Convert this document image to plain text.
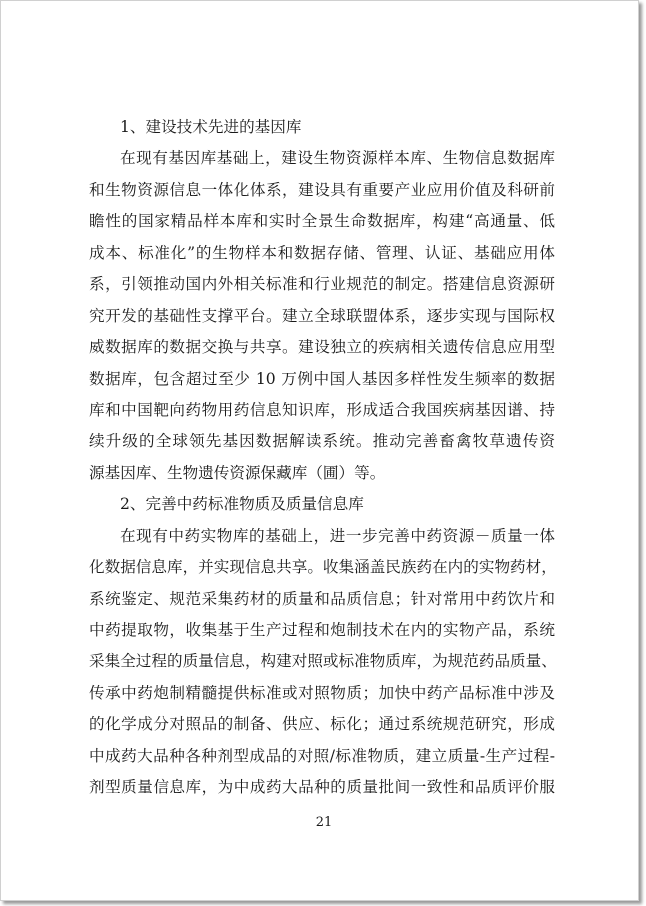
1、建设技术先进的基因库
在现有基因库基础上，建设生物资源样本库、生物信息数据库
和生物资源信息一体化体系，建设具有重要产业应用价值及科研前
瞻性的国家精品样本库和实时全景生命数据库，构建“高通量、低
成本、标准化”的生物样本和数据存储、管理、认证、基础应用体
系，引领推动国内外相关标准和行业规范的制定。搭建信息资源研
究开发的基础性支撑平台。建立全球联盟体系，逐步实现与国际权
威数据库的数据交换与共享。建设独立的疾病相关遗传信息应用型
数据库，包含超过至少 10 万例中国人基因多样性发生频率的数据
库和中国靶向药物用药信息知识库，形成适合我国疾病基因谱、持
续升级的全球领先基因数据解读系统。推动完善畜禽牧草遗传资
源基因库、生物遗传资源保藏库（圃）等。
2、完善中药标准物质及质量信息库
在现有中药实物库的基础上，进一步完善中药资源－质量一体
化数据信息库，并实现信息共享。收集涵盖民族药在内的实物药材，
系统鉴定、规范采集药材的质量和品质信息；针对常用中药饮片和
中药提取物，收集基于生产过程和炮制技术在内的实物产品，系统
采集全过程的质量信息，构建对照或标准物质库，为规范药品质量、
传承中药炮制精髓提供标准或对照物质；加快中药产品标准中涉及
的化学成分对照品的制备、供应、标化；通过系统规范研究，形成
中成药大品种各种剂型成品的对照/标准物质，建立质量-生产过程-
剂型质量信息库，为中成药大品种的质量批间一致性和品质评价服
21
